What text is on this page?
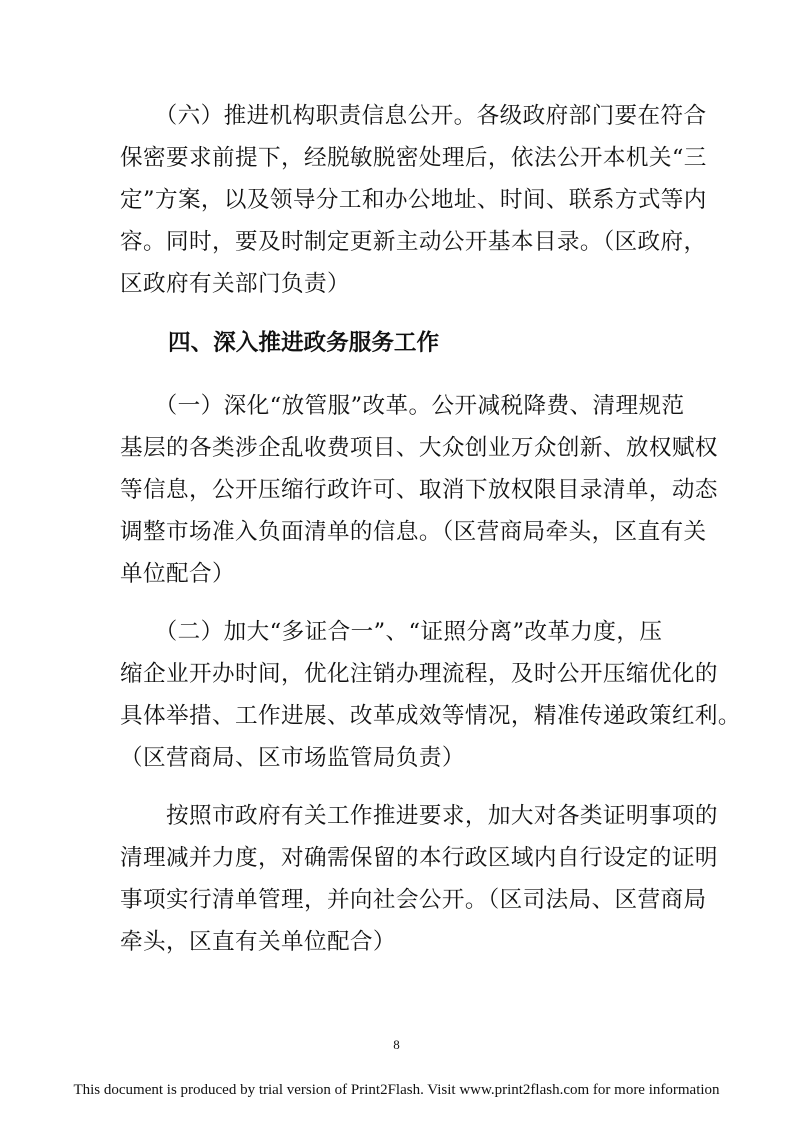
　　（六）推进机构职责信息公开。各级政府部门要在符合
保密要求前提下，经脱敏脱密处理后，依法公开本机关“三
定”方案，以及领导分工和办公地址、时间、联系方式等内
容。同时，要及时制定更新主动公开基本目录。（区政府，
区政府有关部门负责）
四、深入推进政务服务工作
　　（一）深化“放管服”改革。公开减税降费、清理规范
基层的各类涉企乱收费项目、大众创业万众创新、放权赋权
等信息，公开压缩行政许可、取消下放权限目录清单，动态
调整市场准入负面清单的信息。（区营商局牵头，区直有关
单位配合）
　　（二）加大“多证合一”、“证照分离”改革力度，压
缩企业开办时间，优化注销办理流程，及时公开压缩优化的
具体举措、工作进展、改革成效等情况，精准传递政策红利。
（区营商局、区市场监管局负责）
　　按照市政府有关工作推进要求，加大对各类证明事项的
清理减并力度，对确需保留的本行政区域内自行设定的证明
事项实行清单管理，并向社会公开。（区司法局、区营商局
牵头，区直有关单位配合）
8
This document is produced by trial version of Print2Flash. Visit www.print2flash.com for more information
